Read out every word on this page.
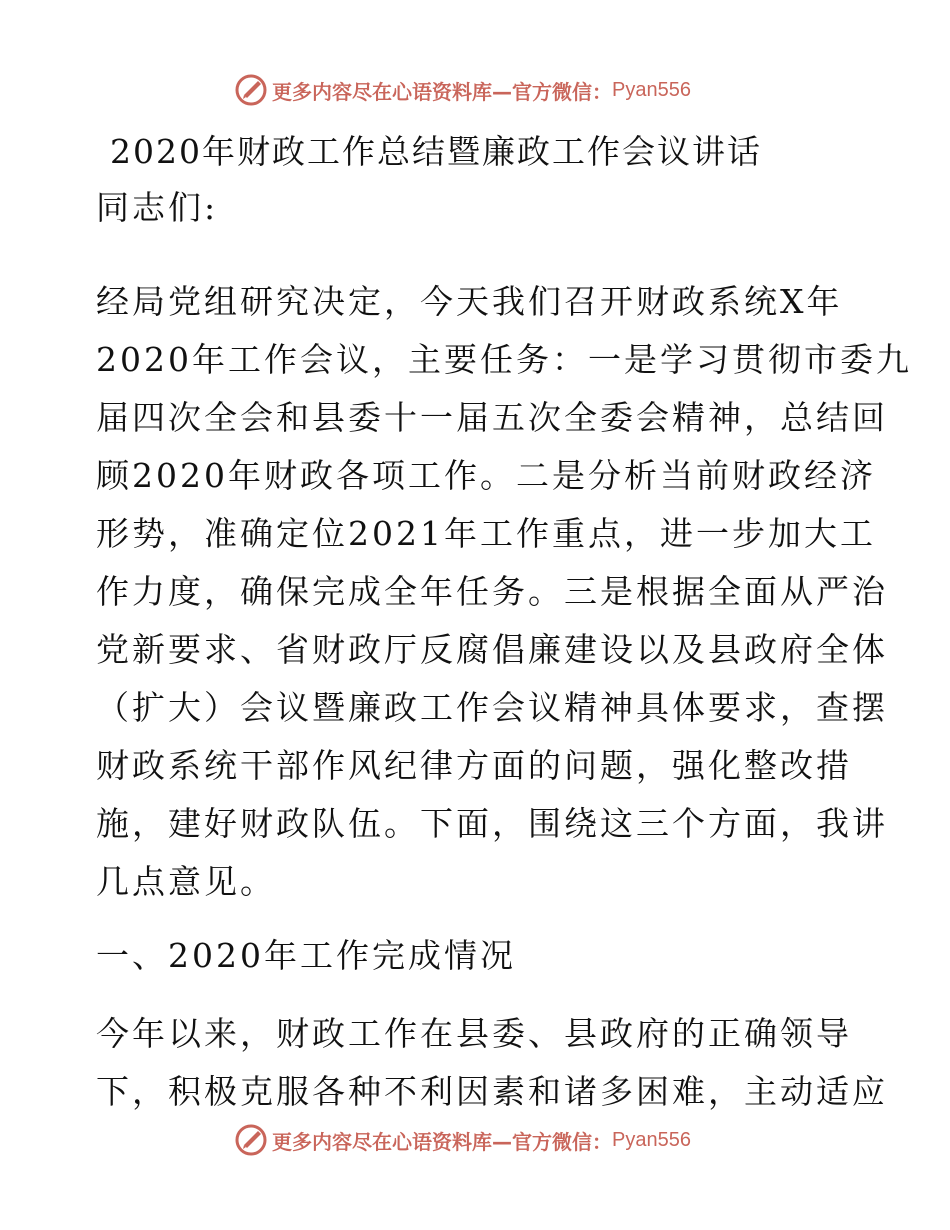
更多内容尽在心语资料库—官方微信： Pyan556
2020年财政工作总结暨廉政工作会议讲话

同志们:

经局党组研究决定，今天我们召开财政系统X年

2020年工作会议，主要任务：一是学习贯彻市委九

届四次全会和县委十一届五次全委会精神，总结回

顾2020年财政各项工作。二是分析当前财政经济

形势，准确定位2021年工作重点，进一步加大工

作力度，确保完成全年任务。三是根据全面从严治

党新要求、省财政厅反腐倡廉建设以及县政府全体

（扩大）会议暨廉政工作会议精神具体要求，查摆

财政系统干部作风纪律方面的问题，强化整改措

施，建好财政队伍。下面，围绕这三个方面，我讲

几点意见。

一、2020年工作完成情况

今年以来，财政工作在县委、县政府的正确领导

下，积极克服各种不利因素和诸多困难，主动适应

更多内容尽在心语资料库—官方微信： Pyan556
